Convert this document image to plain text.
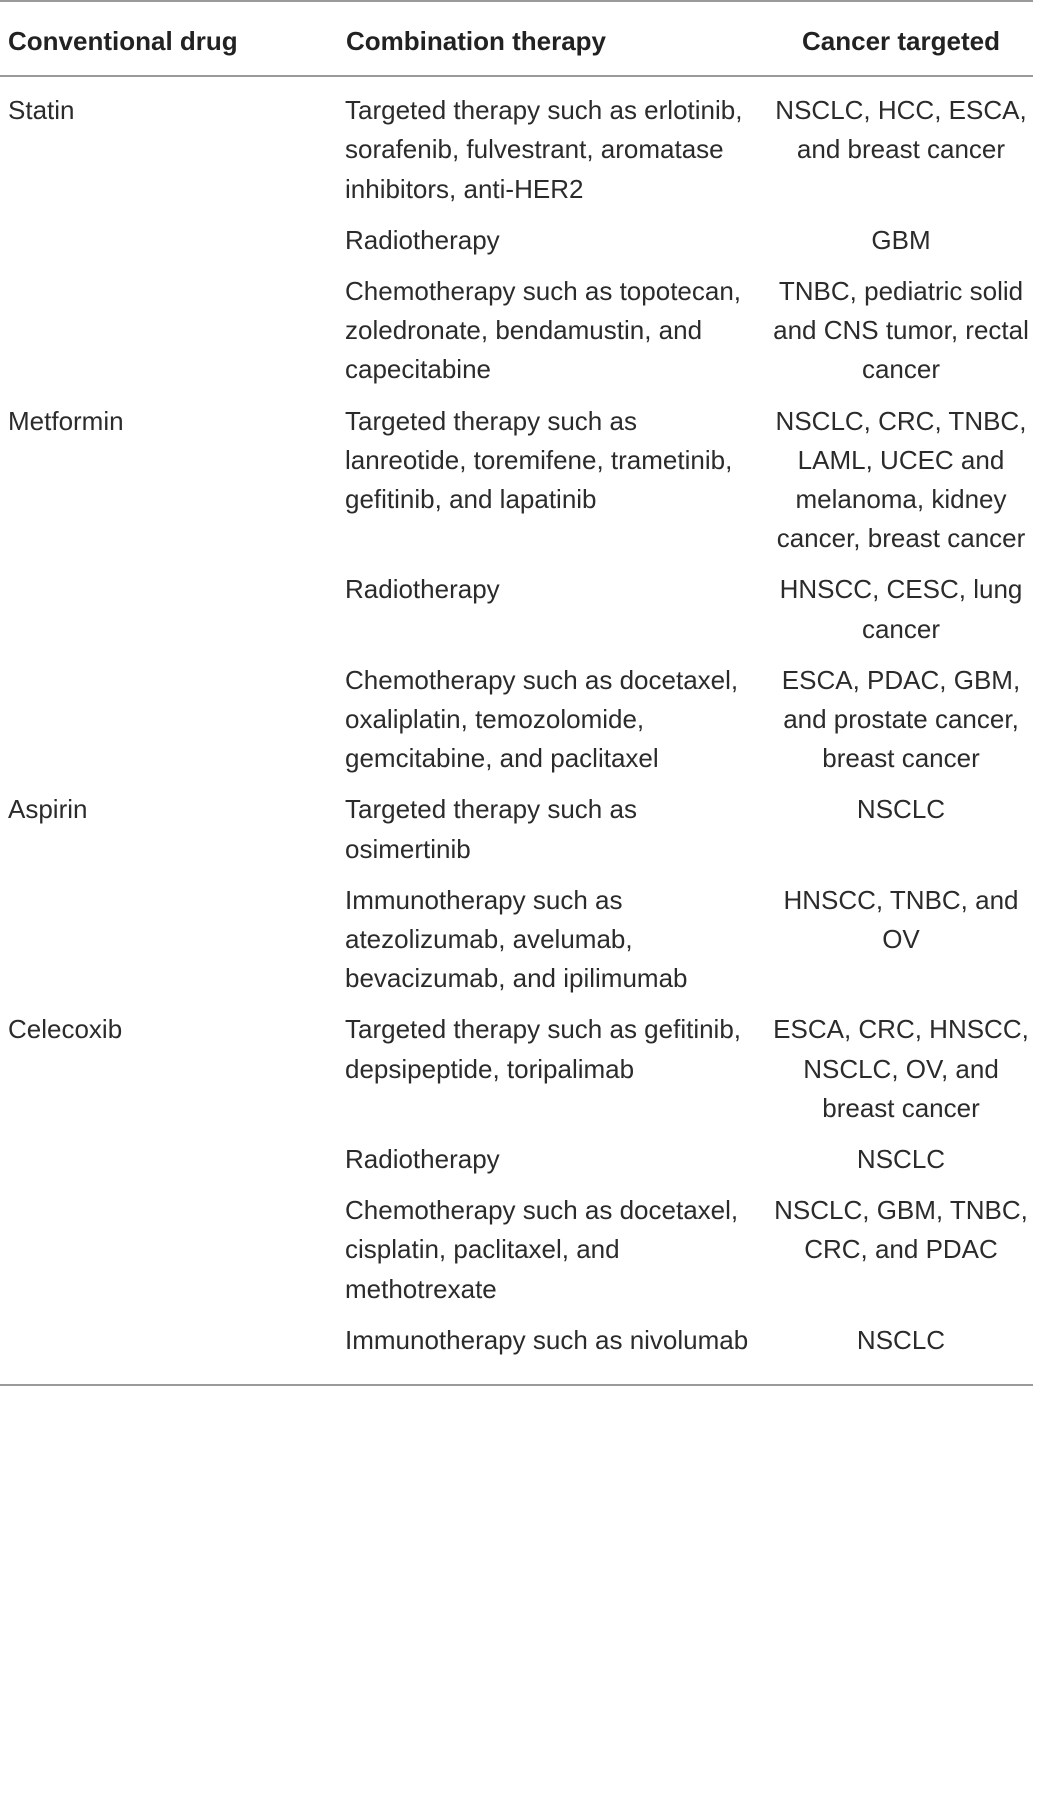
Conventional drug	Combination therapy	Cancer targeted
Statin	Targeted therapy such as erlotinib, sorafenib, fulvestrant, aromatase inhibitors, anti-HER2	NSCLC, HCC, ESCA, and breast cancer
	Radiotherapy	GBM
	Chemotherapy such as topotecan, zoledronate, bendamustin, and capecitabine	TNBC, pediatric solid and CNS tumor, rectal cancer
Metformin	Targeted therapy such as lanreotide, toremifene, trametinib, gefitinib, and lapatinib	NSCLC, CRC, TNBC, LAML, UCEC and melanoma, kidney cancer, breast cancer
	Radiotherapy	HNSCC, CESC, lung cancer
	Chemotherapy such as docetaxel, oxaliplatin, temozolomide, gemcitabine, and paclitaxel	ESCA, PDAC, GBM, and prostate cancer, breast cancer
Aspirin	Targeted therapy such as osimertinib	NSCLC
	Immunotherapy such as atezolizumab, avelumab, bevacizumab, and ipilimumab	HNSCC, TNBC, and OV
Celecoxib	Targeted therapy such as gefitinib, depsipeptide, toripalimab	ESCA, CRC, HNSCC, NSCLC, OV, and breast cancer
	Radiotherapy	NSCLC
	Chemotherapy such as docetaxel, cisplatin, paclitaxel, and methotrexate	NSCLC, GBM, TNBC, CRC, and PDAC
	Immunotherapy such as nivolumab	NSCLC
